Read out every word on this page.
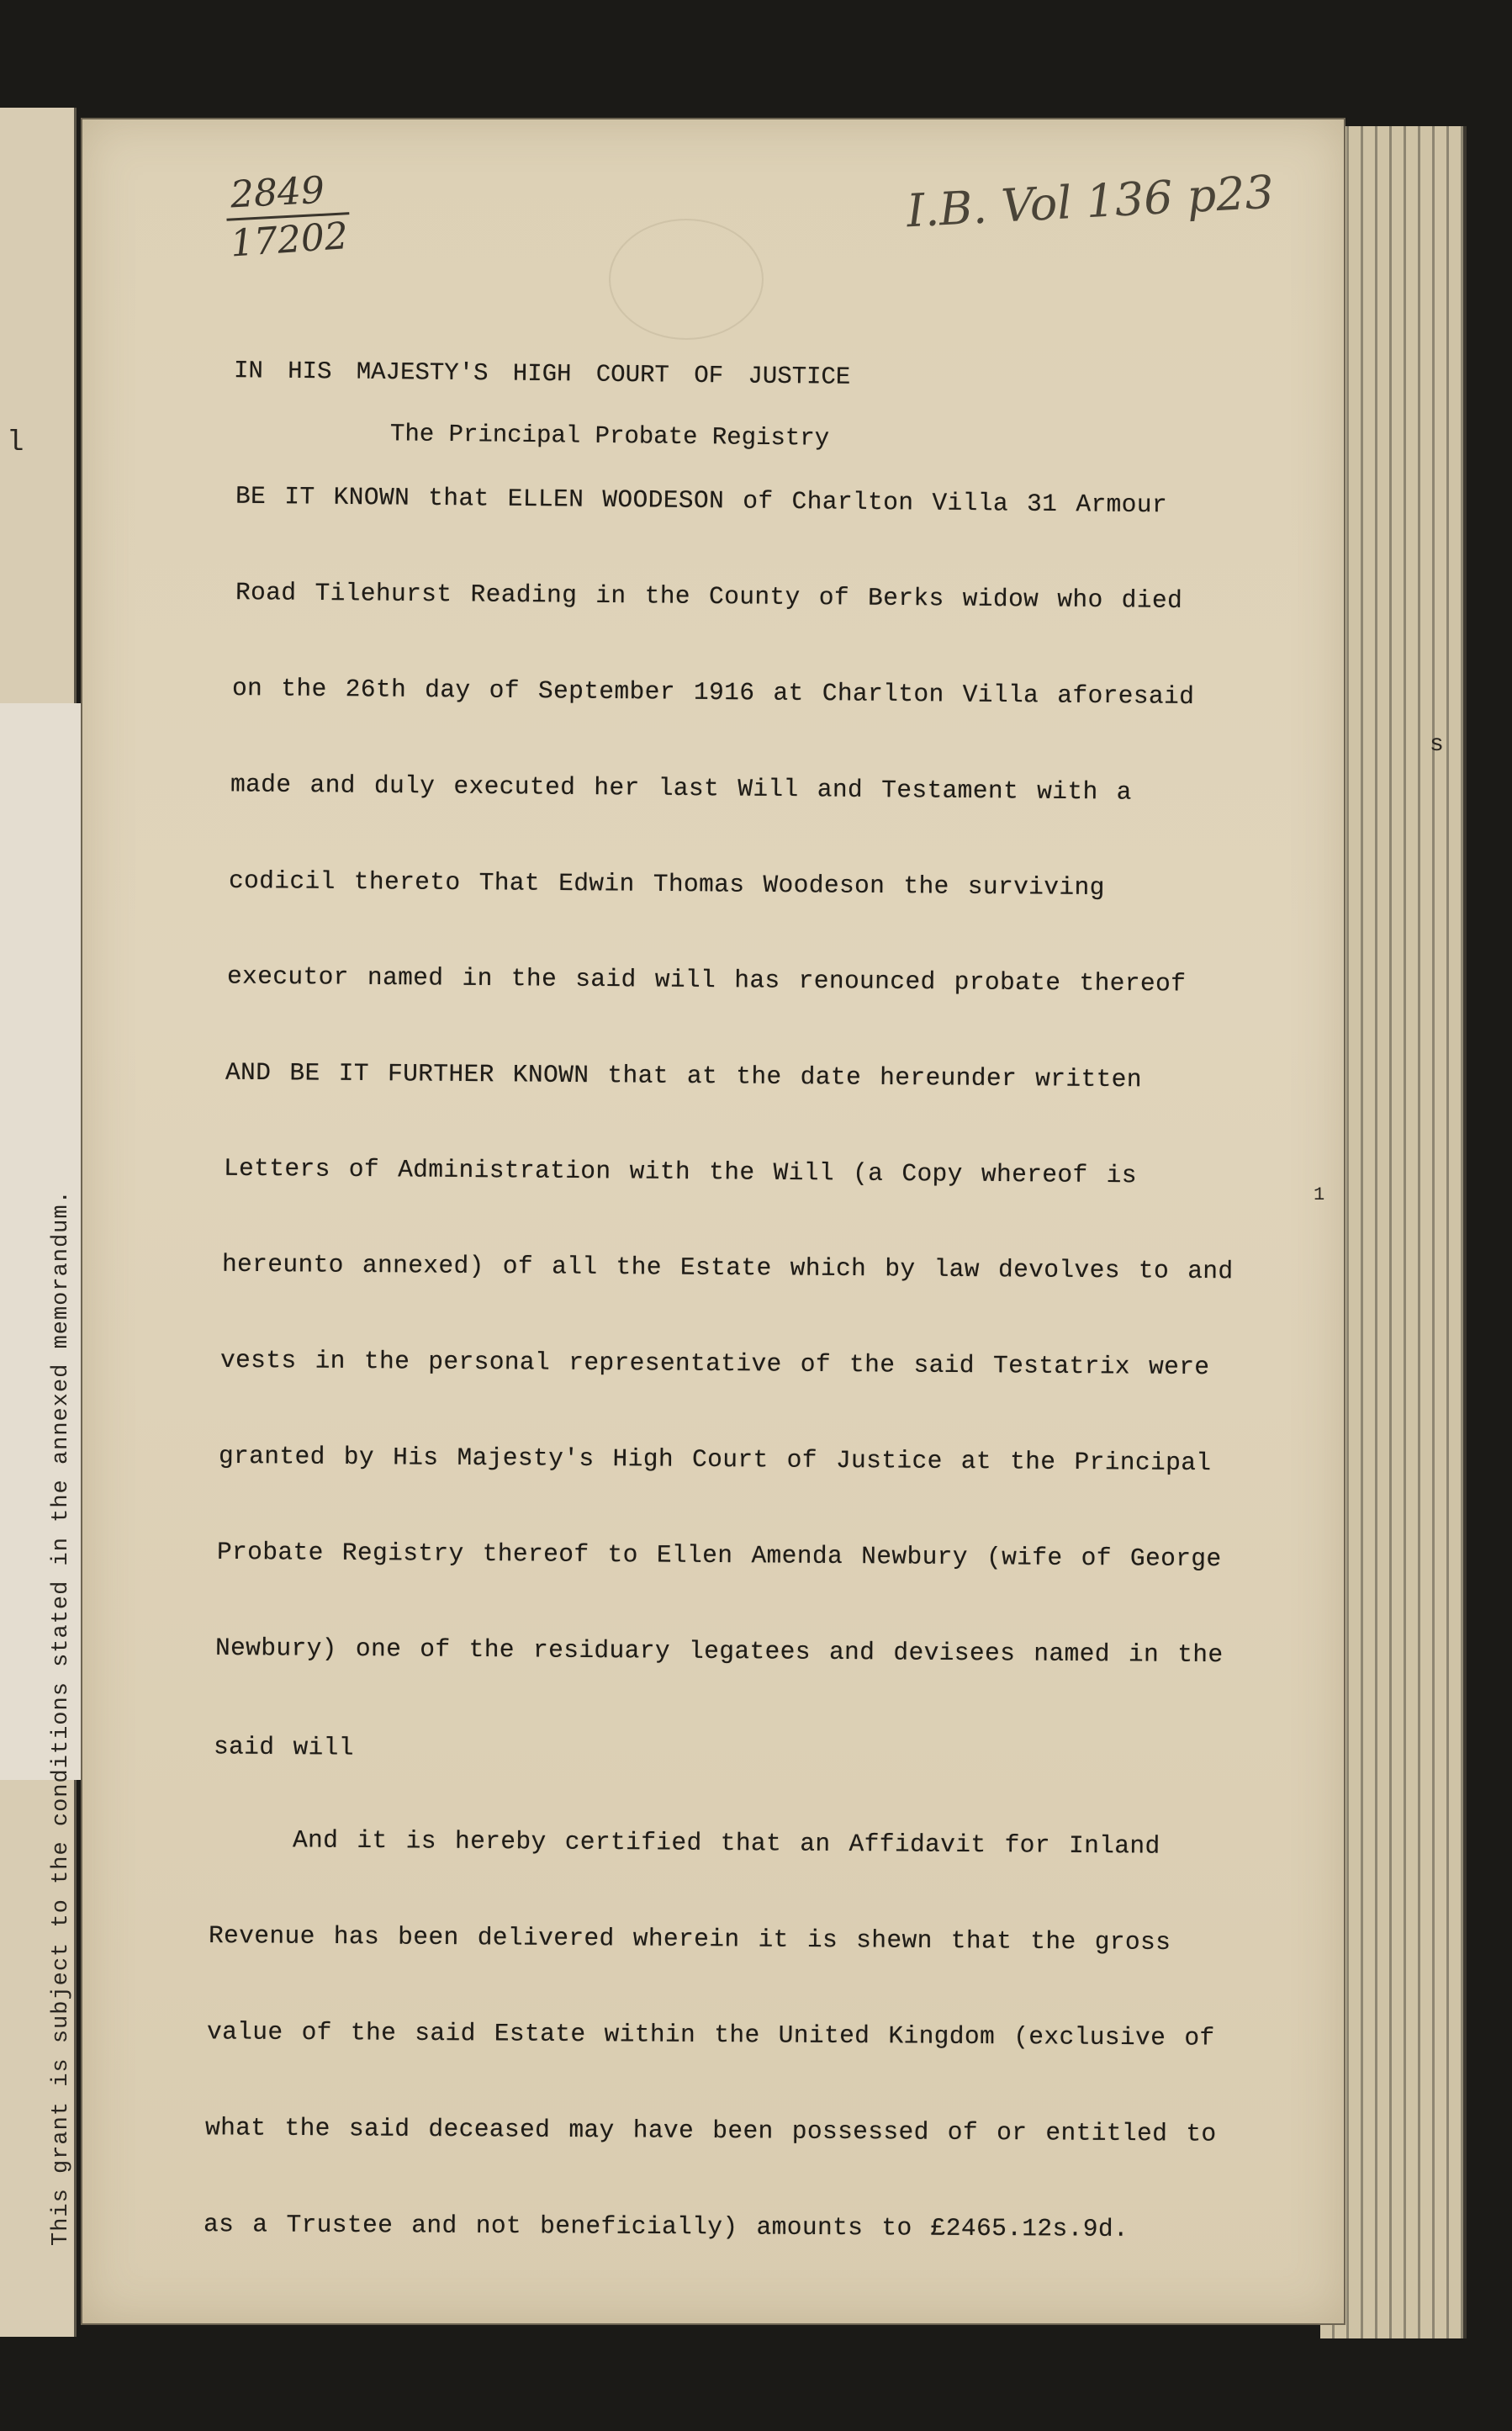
l
s
2849
17202
I.B. Vol 136 p23
IN HIS MAJESTY'S HIGH COURT OF JUSTICE
The Principal Probate Registry
BE IT KNOWN that ELLEN WOODESON of Charlton Villa 31 Armour
Road Tilehurst Reading in the County of Berks widow who died
on the 26th day of September 1916 at Charlton Villa aforesaid
made and duly executed her last Will and Testament with a
codicil thereto That Edwin Thomas Woodeson the surviving
executor named in the said will has renounced probate thereof
AND BE IT FURTHER KNOWN that at the date hereunder written
Letters of Administration with the Will (a Copy whereof is
hereunto annexed) of all the Estate which by law devolves to and
vests in the personal representative of the said Testatrix were
granted by His Majesty's High Court of Justice at the Principal
Probate Registry thereof to Ellen Amenda Newbury (wife of George
Newbury) one of the residuary legatees and devisees named in the
said will
And it is hereby certified that an Affidavit for Inland
Revenue has been delivered wherein it is shewn that the gross
value of the said Estate within the United Kingdom (exclusive of
what the said deceased may have been possessed of or entitled to
as a Trustee and not beneficially) amounts to £2465.12s.9d.
1
This grant is subject to the conditions stated in the annexed memorandum.
